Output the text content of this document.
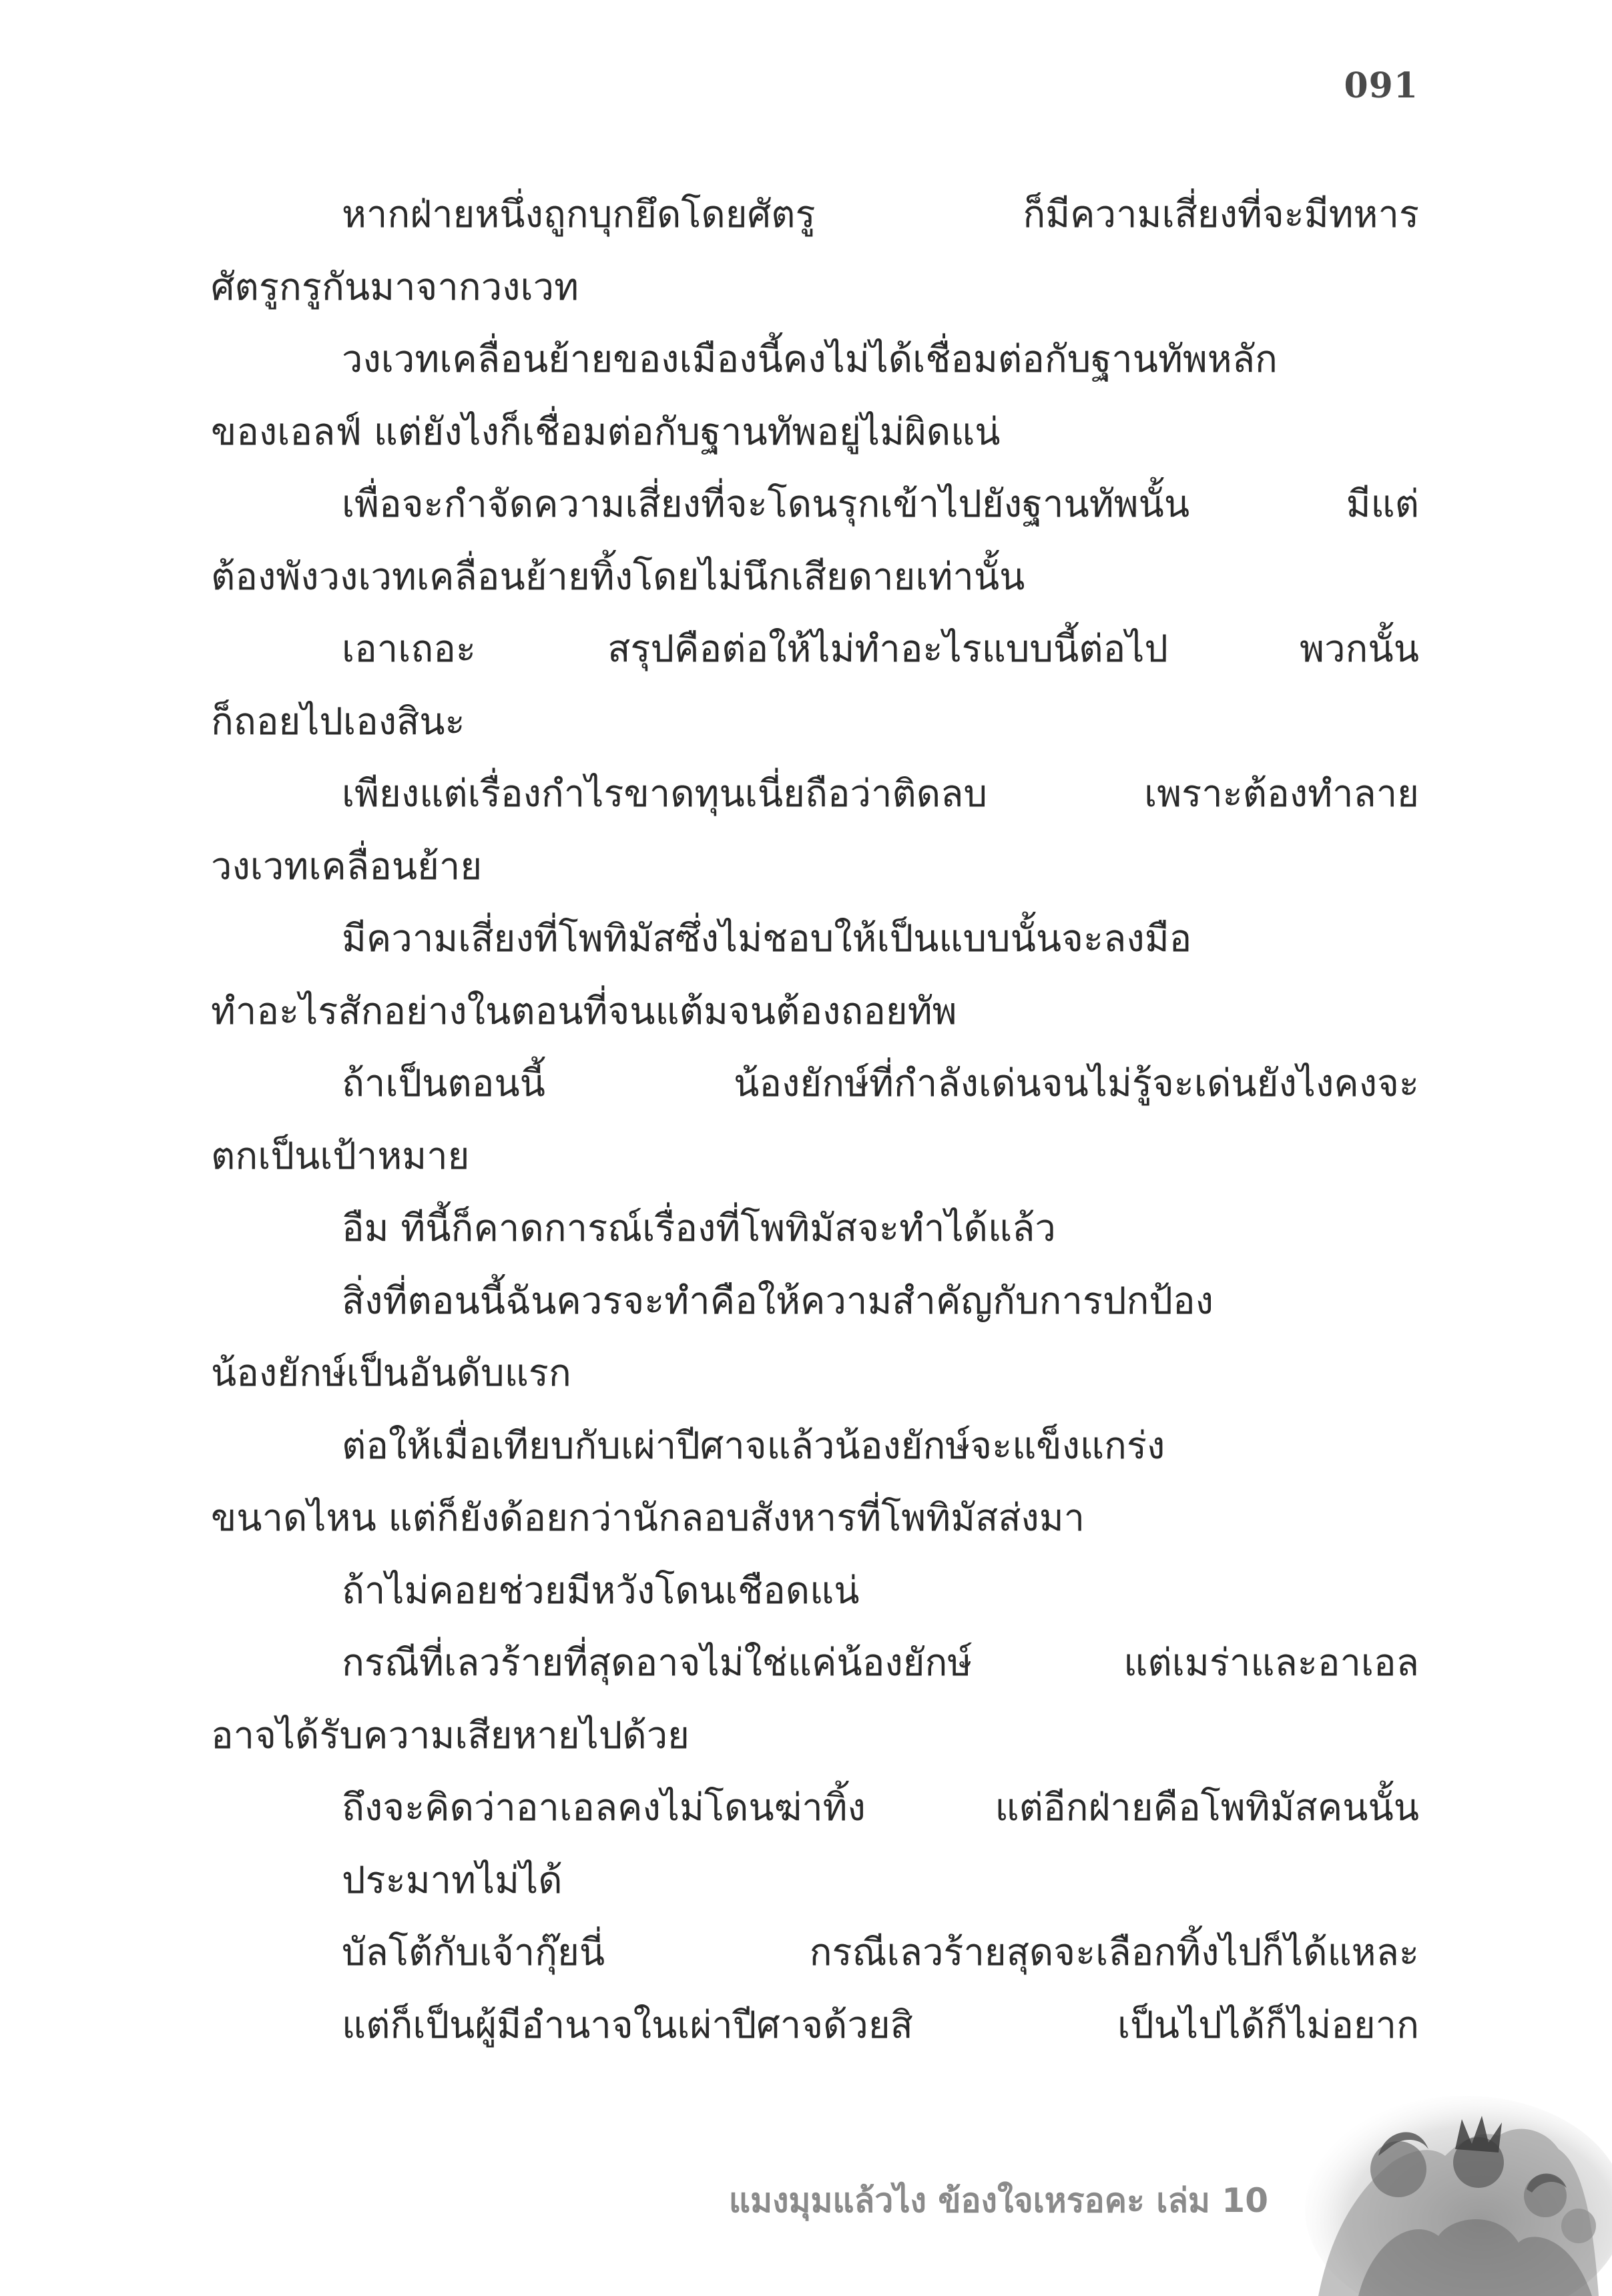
091
หากฝ่ายหนึ่งถูกบุกยึดโดยศัตรู ก็มีความเสี่ยงที่จะมีทหาร
ศัตรูกรูกันมาจากวงเวท
วงเวทเคลื่อนย้ายของเมืองนี้คงไม่ได้เชื่อมต่อกับฐานทัพหลัก
ของเอลฟ์ แต่ยังไงก็เชื่อมต่อกับฐานทัพอยู่ไม่ผิดแน่
เพื่อจะกำจัดความเสี่ยงที่จะโดนรุกเข้าไปยังฐานทัพนั้น มีแต่
ต้องพังวงเวทเคลื่อนย้ายทิ้งโดยไม่นึกเสียดายเท่านั้น
เอาเถอะ สรุปคือต่อให้ไม่ทำอะไรแบบนี้ต่อไป พวกนั้น
ก็ถอยไปเองสินะ
เพียงแต่เรื่องกำไรขาดทุนเนี่ยถือว่าติดลบ เพราะต้องทำลาย
วงเวทเคลื่อนย้าย
มีความเสี่ยงที่โพทิมัสซึ่งไม่ชอบให้เป็นแบบนั้นจะลงมือ
ทำอะไรสักอย่างในตอนที่จนแต้มจนต้องถอยทัพ
ถ้าเป็นตอนนี้ น้องยักษ์ที่กำลังเด่นจนไม่รู้จะเด่นยังไงคงจะ
ตกเป็นเป้าหมาย
อืม ทีนี้ก็คาดการณ์เรื่องที่โพทิมัสจะทำได้แล้ว
สิ่งที่ตอนนี้ฉันควรจะทำคือให้ความสำคัญกับการปกป้อง
น้องยักษ์เป็นอันดับแรก
ต่อให้เมื่อเทียบกับเผ่าปีศาจแล้วน้องยักษ์จะแข็งแกร่ง
ขนาดไหน แต่ก็ยังด้อยกว่านักลอบสังหารที่โพทิมัสส่งมา
ถ้าไม่คอยช่วยมีหวังโดนเชือดแน่
กรณีที่เลวร้ายที่สุดอาจไม่ใช่แค่น้องยักษ์ แต่เมร่าและอาเอล
อาจได้รับความเสียหายไปด้วย
ถึงจะคิดว่าอาเอลคงไม่โดนฆ่าทิ้ง แต่อีกฝ่ายคือโพทิมัสคนนั้น
ประมาทไม่ได้
บัลโต้กับเจ้ากุ๊ยนี่ กรณีเลวร้ายสุดจะเลือกทิ้งไปก็ได้แหละ
แต่ก็เป็นผู้มีอำนาจในเผ่าปีศาจด้วยสิ เป็นไปได้ก็ไม่อยาก
แมงมุมแล้วไง ข้องใจเหรอคะ เล่ม 10
